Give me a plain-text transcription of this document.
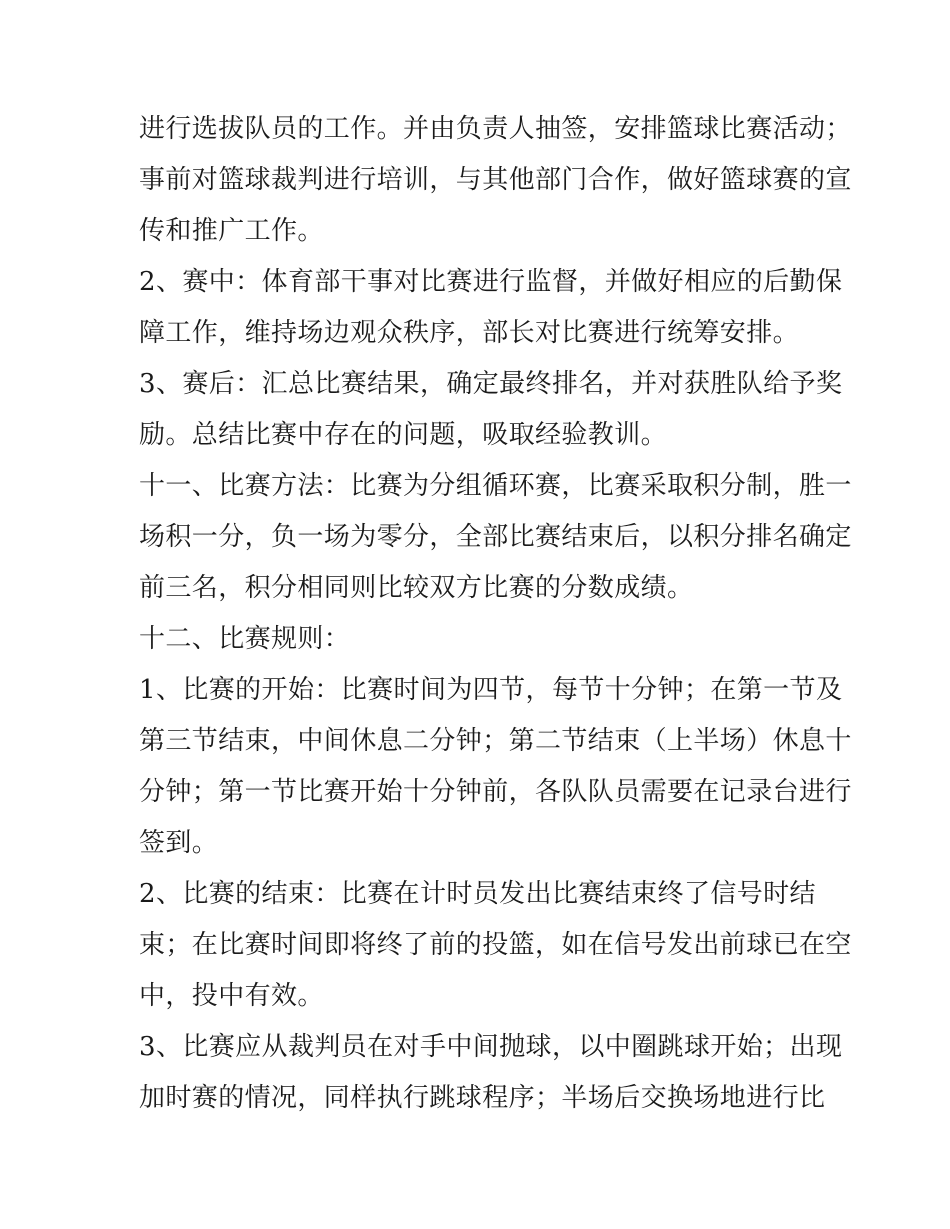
进行选拔队员的工作。并由负责人抽签，安排篮球比赛活动；
事前对篮球裁判进行培训，与其他部门合作，做好篮球赛的宣
传和推广工作。
2、赛中：体育部干事对比赛进行监督，并做好相应的后勤保
障工作，维持场边观众秩序，部长对比赛进行统筹安排。
3、赛后：汇总比赛结果，确定最终排名，并对获胜队给予奖
励。总结比赛中存在的问题，吸取经验教训。
十一、比赛方法：比赛为分组循环赛，比赛采取积分制，胜一
场积一分，负一场为零分，全部比赛结束后，以积分排名确定
前三名，积分相同则比较双方比赛的分数成绩。
十二、比赛规则：
1、比赛的开始：比赛时间为四节，每节十分钟；在第一节及
第三节结束，中间休息二分钟；第二节结束（上半场）休息十
分钟；第一节比赛开始十分钟前，各队队员需要在记录台进行
签到。
2、比赛的结束：比赛在计时员发出比赛结束终了信号时结
束；在比赛时间即将终了前的投篮，如在信号发出前球已在空
中，投中有效。
3、比赛应从裁判员在对手中间抛球，以中圈跳球开始；出现
加时赛的情况，同样执行跳球程序；半场后交换场地进行比
